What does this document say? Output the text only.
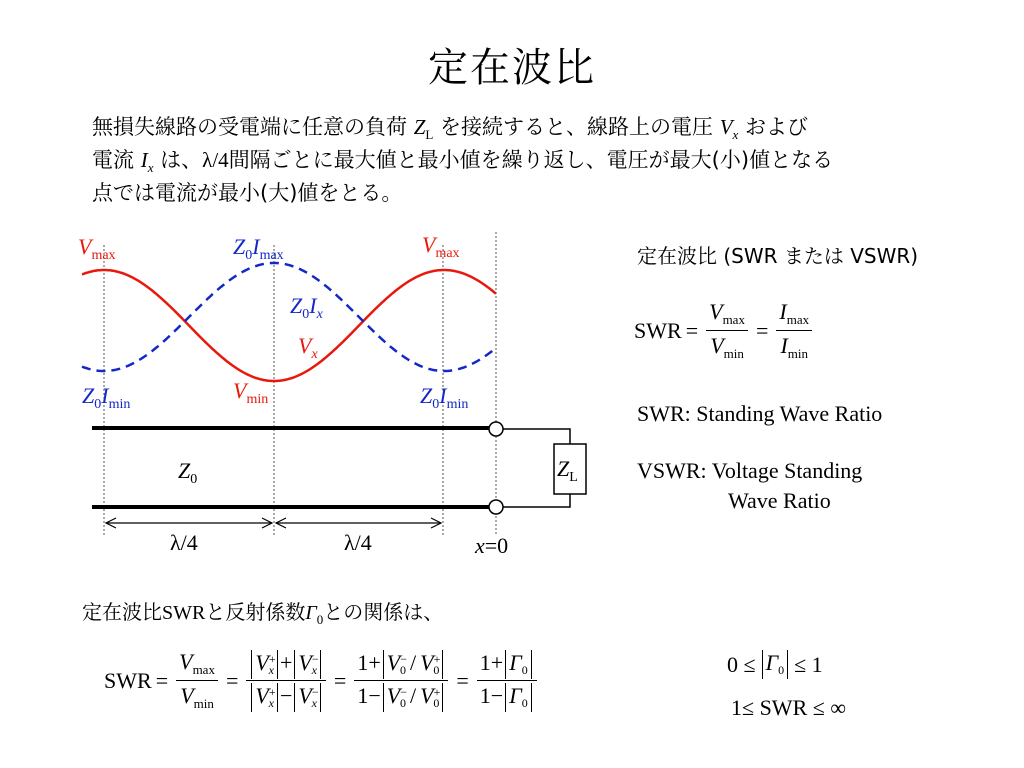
定在波比
無損失線路の受電端に任意の負荷 $Z_L$ を接続すると、線路上の電圧 $V_x$ および
電流 $I_x$ は、λ/4間隔ごとに最大値と最小値を繰り返し、電圧が最大(小)値となる
点では電流が最小(大)値をとる。
$V_{max}$	$Z_0I_{max}$	$V_{max}$
$Z_0I_x$
$V_x$
$V_{min}$
$Z_0I_{min}$	$Z_0I_{min}$
$Z_0$	$Z_L$
λ/4	λ/4	x=0
定在波比 (SWR または VSWR)
SWR = $\frac{V_{max}}{V_{min}} = \frac{I_{max}}{I_{min}}$
SWR: Standing Wave Ratio
VSWR: Voltage Standing
Wave Ratio
定在波比SWRと反射係数$\Gamma_0$との関係は、
SWR = $\frac{V_{max}}{V_{min}} = \frac{V^+x + V^-x}{V^+x - V^-x} = \frac{1+ V^-0 / V^+0}{1- V^-0 / V^+0} = \frac{1+ \Gamma 0}{1- \Gamma 0}$	0 ≤ Γ0 ≤ 1
1≤ SWR ≤ ∞
